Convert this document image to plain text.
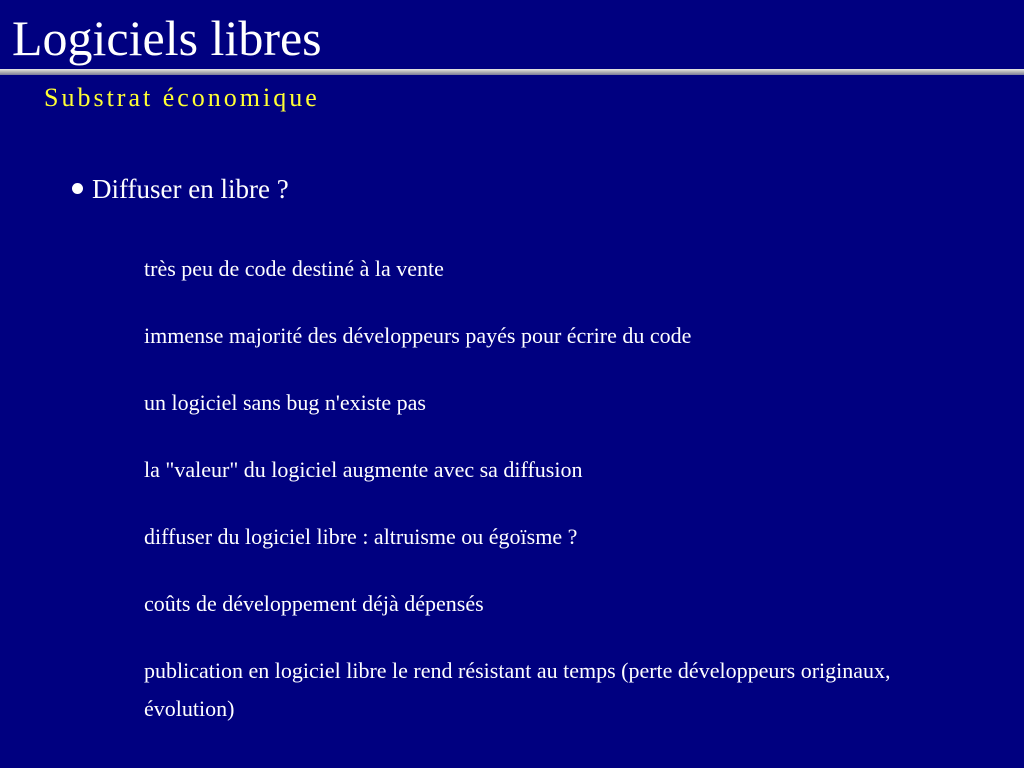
Logiciels libres
Substrat économique
Diffuser en libre ?
très peu de code destiné à la vente
immense majorité des développeurs payés pour écrire du code
un logiciel sans bug n'existe pas
la "valeur" du logiciel augmente avec sa diffusion
diffuser du logiciel libre : altruisme ou égoïsme ?
coûts de développement déjà dépensés
publication en logiciel libre le rend résistant au temps (perte développeurs originaux, évolution)
